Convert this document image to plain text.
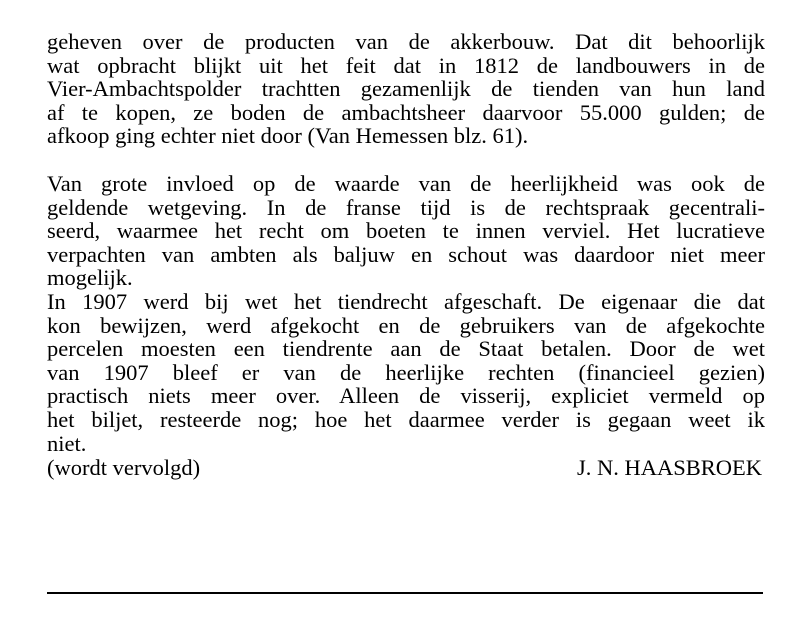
geheven over de producten van de akkerbouw. Dat dit behoorlijk
wat opbracht blijkt uit het feit dat in 1812 de landbouwers in de
Vier-Ambachtspolder trachtten gezamenlijk de tienden van hun land
af te kopen, ze boden de ambachtsheer daarvoor 55.000 gulden; de
afkoop ging echter niet door (Van Hemessen blz. 61).

Van grote invloed op de waarde van de heerlijkheid was ook de
geldende wetgeving. In de franse tijd is de rechtspraak gecentrali-
seerd, waarmee het recht om boeten te innen verviel. Het lucratieve
verpachten van ambten als baljuw en schout was daardoor niet meer
mogelijk.

In 1907 werd bij wet het tiendrecht afgeschaft. De eigenaar die dat
kon bewijzen, werd afgekocht en de gebruikers van de afgekochte
percelen moesten een tiendrente aan de Staat betalen. Door de wet
van 1907 bleef er van de heerlijke rechten (financieel gezien)
practisch niets meer over. Alleen de visserij, expliciet vermeld op
het biljet, resteerde nog; hoe het daarmee verder is gegaan weet ik
niet.

(wordt vervolgd)	J. N. HAASBROEK
